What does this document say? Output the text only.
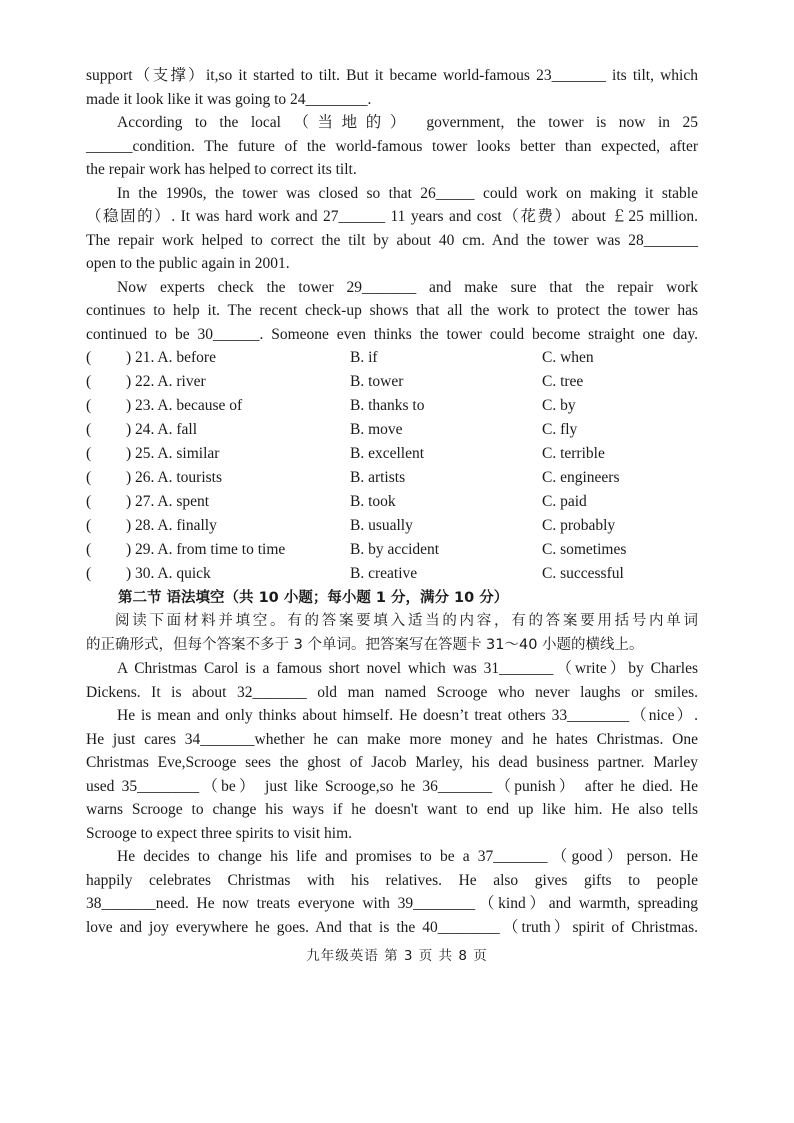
support（支撑）it,so it started to tilt. But it became world-famous 23_______ its tilt, which
made it look like it was going to 24________.
According to the local （当地的） government, the tower is now in 25
______condition. The future of the world-famous tower looks better than expected, after
the repair work has helped to correct its tilt.
In the 1990s, the tower was closed so that 26_____ could work on making it stable
（稳固的）. It was hard work and 27______ 11 years and cost（花费）about ￡25 million.
The repair work helped to correct the tilt by about 40 cm. And the tower was 28_______
open to the public again in 2001.
Now experts check the tower 29_______ and make sure that the repair work
continues to help it. The recent check-up shows that all the work to protect the tower has
continued to be 30______. Someone even thinks the tower could become straight one day.
(	) 21. A. before	B. if	C. when
(	) 22. A. river	B. tower	C. tree
(	) 23. A. because of	B. thanks to	C. by
(	) 24. A. fall	B. move	C. fly
(	) 25. A. similar	B. excellent	C. terrible
(	) 26. A. tourists	B. artists	C. engineers
(	) 27. A. spent	B. took	C. paid
(	) 28. A. finally	B. usually	C. probably
(	) 29. A. from time to time	B. by accident	C. sometimes
(	) 30. A. quick	B. creative	C. successful
第二节 语法填空（共 10 小题；每小题 1 分，满分 10 分）
阅读下面材料并填空。有的答案要填入适当的内容，有的答案要用括号内单词
的正确形式，但每个答案不多于 3 个单词。把答案写在答题卡 31～40 小题的横线上。
A Christmas Carol is a famous short novel which was 31_______（write）by Charles
Dickens. It is about 32_______ old man named Scrooge who never laughs or smiles.
He is mean and only thinks about himself. He doesn’t treat others 33________（nice）.
He just cares 34_______whether he can make more money and he hates Christmas. One
Christmas Eve,Scrooge sees the ghost of Jacob Marley, his dead business partner. Marley
used 35________（be） just like Scrooge,so he 36_______（punish） after he died. He
warns Scrooge to change his ways if he doesn't want to end up like him. He also tells
Scrooge to expect three spirits to visit him.
He decides to change his life and promises to be a 37_______（good）person. He
happily celebrates Christmas with his relatives. He also gives gifts to people
38_______need. He now treats everyone with 39________（kind）and warmth, spreading
love and joy everywhere he goes. And that is the 40________（truth）spirit of Christmas.
九年级英语 第 3 页 共 8 页
